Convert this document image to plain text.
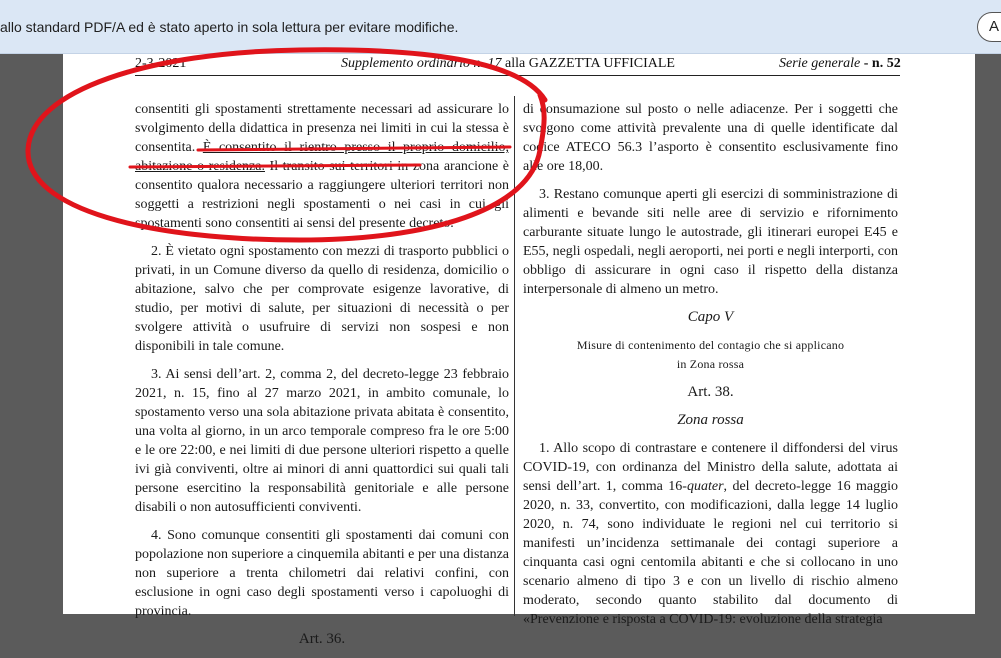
allo standard PDF/A ed è stato aperto in sola lettura per evitare modifiche.	A
2-3-2021	Supplemento ordinario n. 17 alla GAZZETTA UFFICIALE	Serie generale - n. 52

consentiti gli spostamenti strettamente necessari ad assicurare lo svolgimento della didattica in presenza nei limiti in cui la stessa è consentita. È consentito il rientro presso il proprio domicilio, abitazione o residenza. Il transito sui territori in zona arancione è consentito qualora necessario a raggiungere ulteriori territori non soggetti a restrizioni negli spostamenti o nei casi in cui gli spostamenti sono consentiti ai sensi del presente decreto.

2. È vietato ogni spostamento con mezzi di trasporto pubblici o privati, in un Comune diverso da quello di residenza, domicilio o abitazione, salvo che per comprovate esigenze lavorative, di studio, per motivi di salute, per situazioni di necessità o per svolgere attività o usufruire di servizi non sospesi e non disponibili in tale comune.

3. Ai sensi dell’art. 2, comma 2, del decreto-legge 23 febbraio 2021, n. 15, fino al 27 marzo 2021, in ambito comunale, lo spostamento verso una sola abitazione privata abitata è consentito, una volta al giorno, in un arco temporale compreso fra le ore 5:00 e le ore 22:00, e nei limiti di due persone ulteriori rispetto a quelle ivi già conviventi, oltre ai minori di anni quattordici sui quali tali persone esercitino la responsabilità genitoriale e alle persone disabili o non autosufficienti conviventi.

4. Sono comunque consentiti gli spostamenti dai comuni con popolazione non superiore a cinquemila abitanti e per una distanza non superiore a trenta chilometri dai relativi confini, con esclusione in ogni caso degli spostamenti verso i capoluoghi di provincia.

Art. 36.

di consumazione sul posto o nelle adiacenze. Per i soggetti che svolgono come attività prevalente una di quelle identificate dal codice ATECO 56.3 l’asporto è consentito esclusivamente fino alle ore 18,00.

3. Restano comunque aperti gli esercizi di somministrazione di alimenti e bevande siti nelle aree di servizio e rifornimento carburante situate lungo le autostrade, gli itinerari europei E45 e E55, negli ospedali, negli aeroporti, nei porti e negli interporti, con obbligo di assicurare in ogni caso il rispetto della distanza interpersonale di almeno un metro.

Capo V

Misure di contenimento del contagio che si applicano
in Zona rossa

Art. 38.

Zona rossa

1. Allo scopo di contrastare e contenere il diffondersi del virus COVID-19, con ordinanza del Ministro della salute, adottata ai sensi dell’art. 1, comma 16-quater, del decreto-legge 16 maggio 2020, n. 33, convertito, con modificazioni, dalla legge 14 luglio 2020, n. 74, sono individuate le regioni nel cui territorio si manifesti un’incidenza settimanale dei contagi superiore a cinquanta casi ogni centomila abitanti e che si collocano in uno scenario almeno di tipo 3 e con un livello di rischio almeno moderato, secondo quanto stabilito dal documento di «Prevenzione e risposta a COVID-19: evoluzione della strategia
